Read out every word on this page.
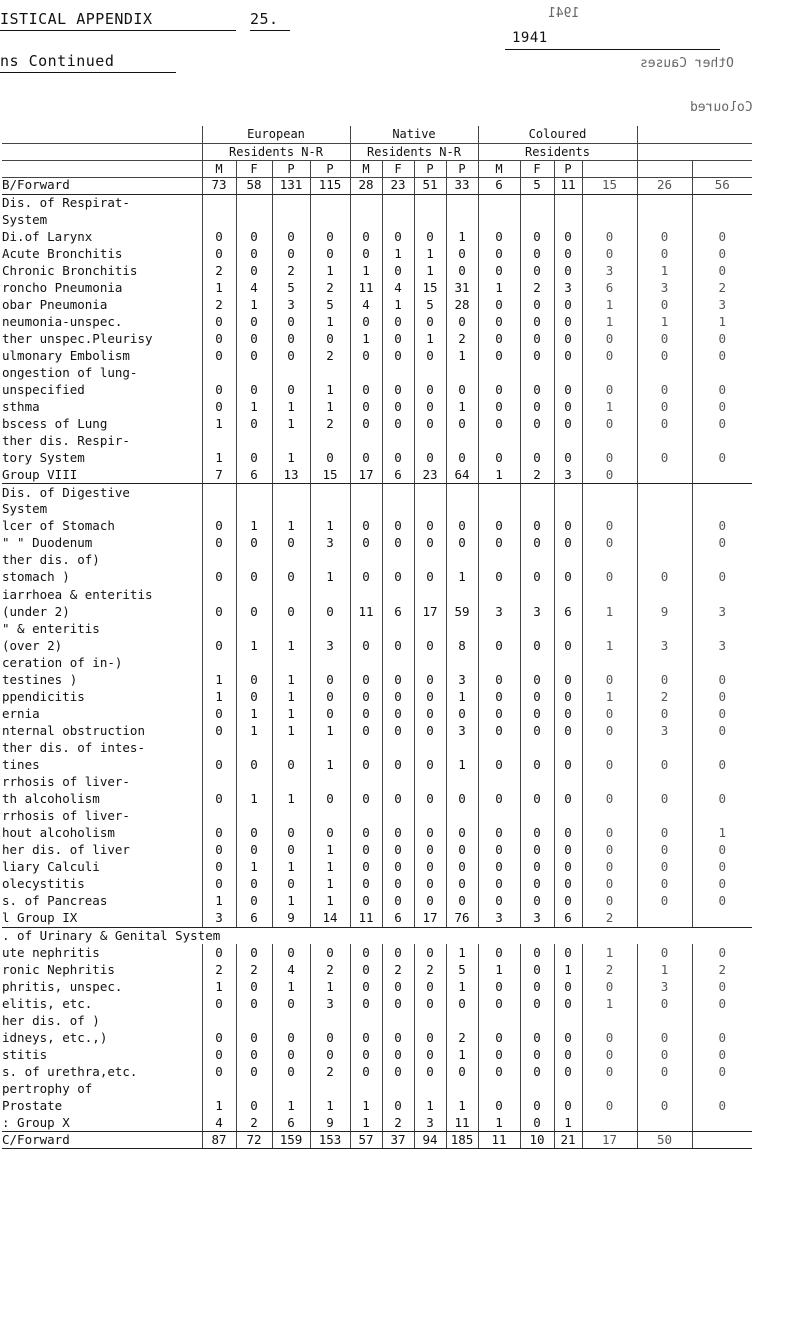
ISTICAL APPENDIX	25.
1941
ns Continued
1941
Other Causes
Coloured
	European				Native				Coloured					
	Residents N-R				Residents N-R				Residents					
	M	F	P	P	M	F	P	P	M	F	P			
B/Forward	73	58	131	115	28	23	51	33	6	5	11	15	26	56
Dis. of Respirat-														
System														
Di.of Larynx	0	0	0	0	0	0	0	1	0	0	0	0	0	0
Acute Bronchitis	0	0	0	0	0	1	1	0	0	0	0	0	0	0
Chronic Bronchitis	2	0	2	1	1	0	1	0	0	0	0	3	1	0
roncho Pneumonia	1	4	5	2	11	4	15	31	1	2	3	6	3	2
obar Pneumonia	2	1	3	5	4	1	5	28	0	0	0	1	0	3
neumonia-unspec.	0	0	0	1	0	0	0	0	0	0	0	1	1	1
ther unspec.Pleurisy	0	0	0	0	1	0	1	2	0	0	0	0	0	0
ulmonary Embolism	0	0	0	2	0	0	0	1	0	0	0	0	0	0
ongestion of lung-														
unspecified	0	0	0	1	0	0	0	0	0	0	0	0	0	0
sthma	0	1	1	1	0	0	0	1	0	0	0	1	0	0
bscess of Lung	1	0	1	2	0	0	0	0	0	0	0	0	0	0
ther dis. Respir-														
tory System	1	0	1	0	0	0	0	0	0	0	0	0	0	0
Group VIII	7	6	13	15	17	6	23	64	1	2	3	0		
Dis. of Digestive														
System														
lcer of Stomach	0	1	1	1	0	0	0	0	0	0	0	0		0
" " Duodenum	0	0	0	3	0	0	0	0	0	0	0	0		0
ther dis. of)														
stomach )	0	0	0	1	0	0	0	1	0	0	0	0	0	0
iarrhoea & enteritis														
(under 2)	0	0	0	0	11	6	17	59	3	3	6	1	9	3
" & enteritis														
(over 2)	0	1	1	3	0	0	0	8	0	0	0	1	3	3
ceration of in-)														
testines )	1	0	1	0	0	0	0	3	0	0	0	0	0	0
ppendicitis	1	0	1	0	0	0	0	1	0	0	0	1	2	0
ernia	0	1	1	0	0	0	0	0	0	0	0	0	0	0
nternal obstruction	0	1	1	1	0	0	0	3	0	0	0	0	3	0
ther dis. of intes-														
tines	0	0	0	1	0	0	0	1	0	0	0	0	0	0
rrhosis of liver-														
th alcoholism	0	1	1	0	0	0	0	0	0	0	0	0	0	0
rrhosis of liver-														
hout alcoholism	0	0	0	0	0	0	0	0	0	0	0	0	0	1
her dis. of liver	0	0	0	1	0	0	0	0	0	0	0	0	0	0
liary Calculi	0	1	1	1	0	0	0	0	0	0	0	0	0	0
olecystitis	0	0	0	1	0	0	0	0	0	0	0	0	0	0
s. of Pancreas	1	0	1	1	0	0	0	0	0	0	0	0	0	0
l Group IX	3	6	9	14	11	6	17	76	3	3	6	2		
. of Urinary & Genital System														
ute nephritis	0	0	0	0	0	0	0	1	0	0	0	1	0	0
ronic Nephritis	2	2	4	2	0	2	2	5	1	0	1	2	1	2
phritis, unspec.	1	0	1	1	0	0	0	1	0	0	0	0	3	0
elitis, etc.	0	0	0	3	0	0	0	0	0	0	0	1	0	0
her dis. of )														
idneys, etc.,)	0	0	0	0	0	0	0	2	0	0	0	0	0	0
stitis	0	0	0	0	0	0	0	1	0	0	0	0	0	0
s. of urethra,etc.	0	0	0	2	0	0	0	0	0	0	0	0	0	0
pertrophy of														
Prostate	1	0	1	1	1	0	1	1	0	0	0	0	0	0
: Group X	4	2	6	9	1	2	3	11	1	0	1			
C/Forward	87	72	159	153	57	37	94	185	11	10	21	17	50	
